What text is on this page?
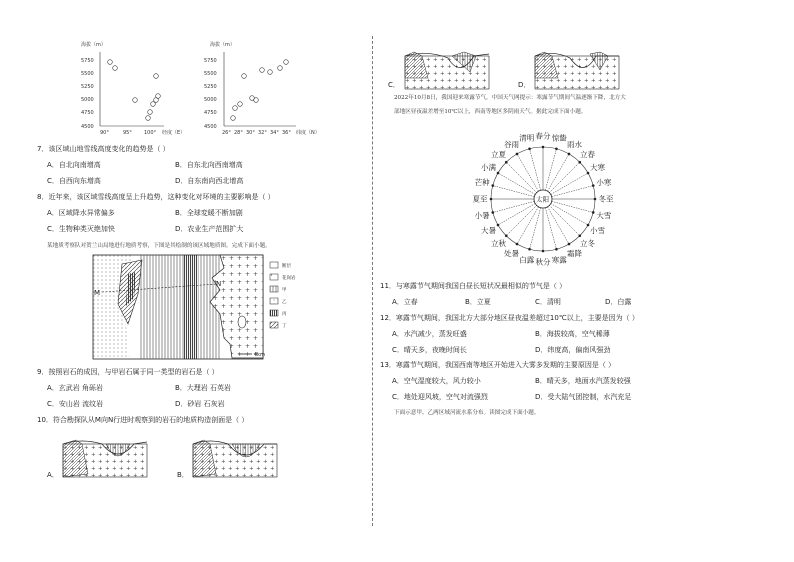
海拔（m）
5750
5500
5250
5000
4750
4500
90°	95° 100° 经度（E）
海拔（m）
5750
5500
5250
5000
4750
4500
26° 28° 30° 32° 34° 36° 纬度（N）
7．该区域山地雪线高度变化的趋势是（ ）
A．自北向南增高	B．自东北向西南增高
C．自西向东增高	D．自东南向西北增高
8．近年来，该区域雪线高度呈上升趋势，这种变化对环境的主要影响是（ ）
A．区域降水异常偏多	B．全球変暖不断加剧
C．生物种类灭绝加快	D．农业生产范围扩大
某地质考察队对贺兰山局地进行地质考察，下图是其绘制的该区域地质图。完成下面小题。
M
N
4km
断层
花岗岩
甲
乙
丙
丁
9．按照岩石的成因，与甲岩石属于同一类型的岩石是（ ）
A．玄武岩 角砾岩	B．大理岩 石英岩
C．安山岩 流纹岩	D．砂岩 石灰岩
10．符合勘探队从M向N行进时观察到的岩石的地质构造剖面是（ ）
A．	B．
C．	D．
2022年10月8日，我国迎来寒露节气，中国天气网提示：寒露节气期间气温逐渐下降，北方大
部地区昼夜温差增至10℃以上，西南等地区多阴雨天气。据此完成下面小题。
太阳
春分 惊蛰
雨水
立春
大寒
小寒
冬至
大雪
小雪
立冬
霜降
寒露
秋分
白露
处暑
立秋
大暑
小暑
夏至
芒种
小满
立夏
谷雨
清明
11．与寒露节气期间我国白昼长短状况最相似的节气是（ ）
A．立春	B．立夏	C．清明	D．白露
12．寒露节气期间，我国北方大部分地区昼夜温差超过10℃以上，主要是因为（ ）
A．水汽减少，蒸发旺盛	B．海拔较高，空气稀薄
C．晴天多，夜晚时间长	D．纬度高，偏南风强劲
13．寒露节气期间，我国西南等地区开始进入大雾多发期的主要原因是（ ）
A．空气湿度较大，风力较小	B．晴天多，地面水汽蒸发较强
C．地处迎风坡，空气对流强烈	D．受大陆气团控制，水汽充足
下面示意甲、乙两区域河流水系分布。读图完成下面小题。
